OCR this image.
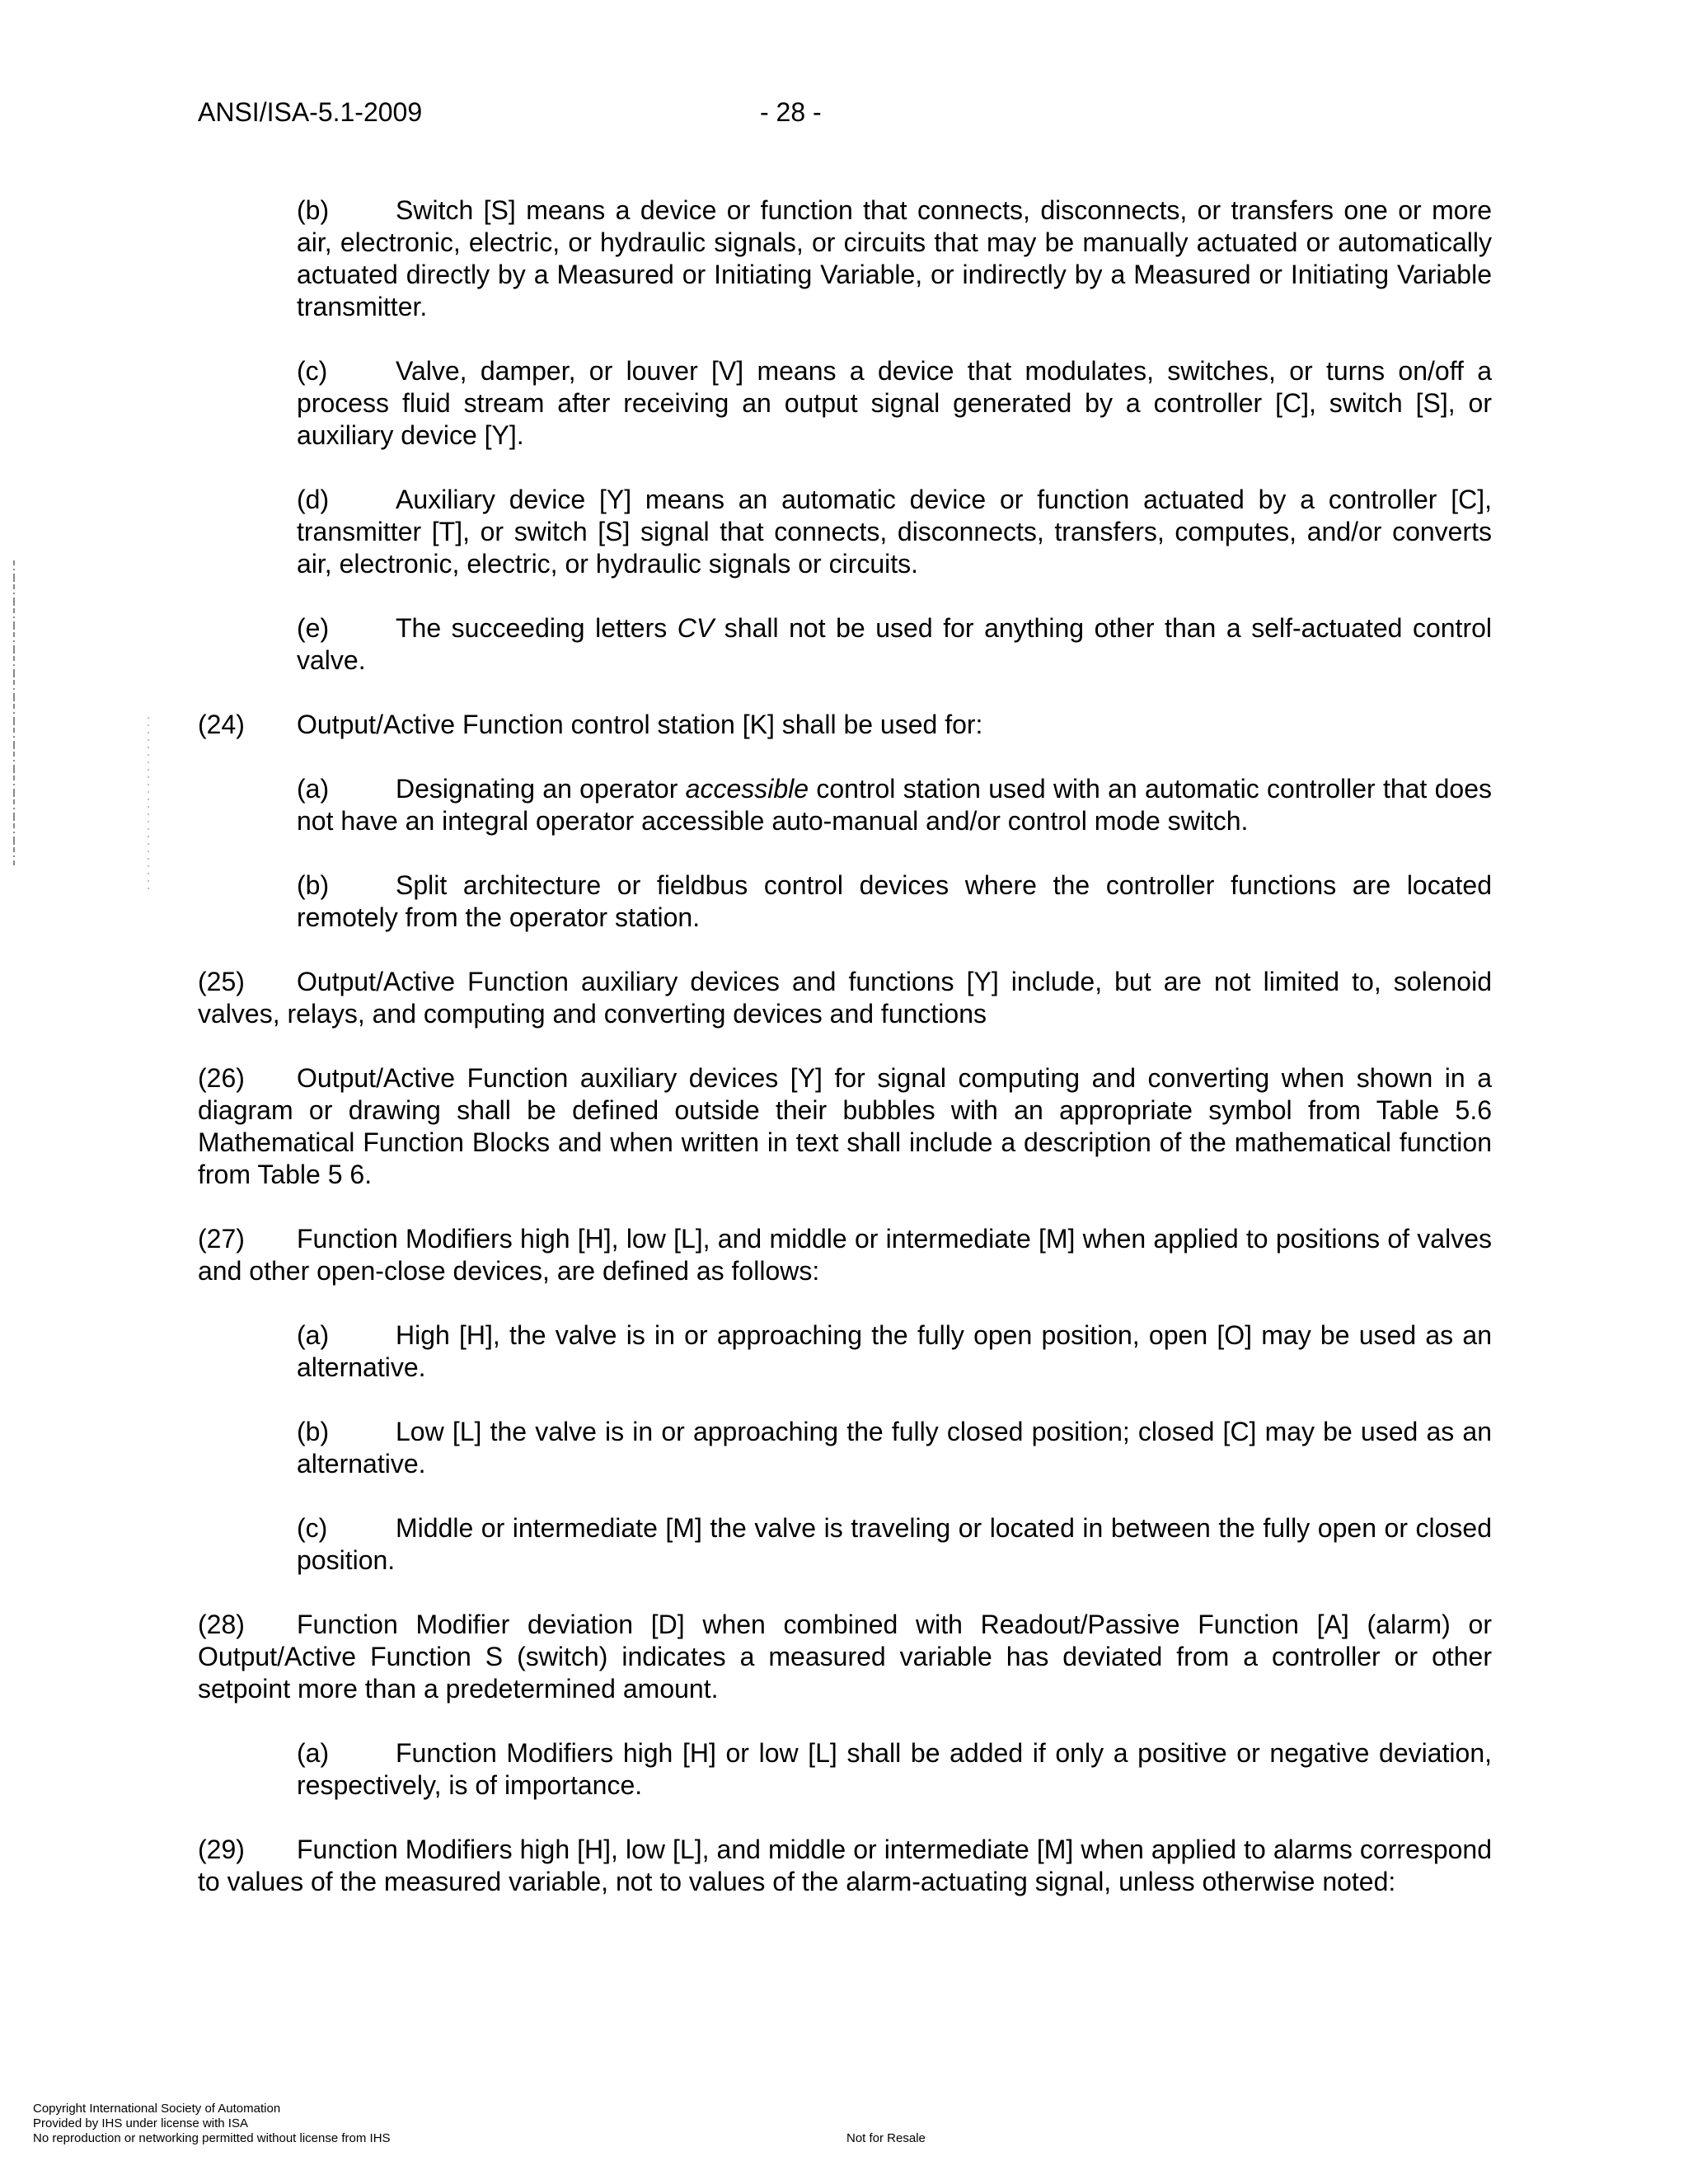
ANSI/ISA-5.1-2009	- 28 -

(b)	Switch [S] means a device or function that connects, disconnects, or transfers one or more air, electronic, electric, or hydraulic signals, or circuits that may be manually actuated or automatically actuated directly by a Measured or Initiating Variable, or indirectly by a Measured or Initiating Variable transmitter.

(c)	Valve, damper, or louver [V] means a device that modulates, switches, or turns on/off a process fluid stream after receiving an output signal generated by a controller [C], switch [S], or auxiliary device [Y].

(d)	Auxiliary device [Y] means an automatic device or function actuated by a controller [C], transmitter [T], or switch [S] signal that connects, disconnects, transfers, computes, and/or converts air, electronic, electric, or hydraulic signals or circuits.

(e)	The succeeding letters CV shall not be used for anything other than a self-actuated control valve.

(24) Output/Active Function control station [K] shall be used for:

(a)	Designating an operator accessible control station used with an automatic controller that does not have an integral operator accessible auto-manual and/or control mode switch.

(b)	Split architecture or fieldbus control devices where the controller functions are located remotely from the operator station.

(25) Output/Active Function auxiliary devices and functions [Y] include, but are not limited to, solenoid valves, relays, and computing and converting devices and functions

(26) Output/Active Function auxiliary devices [Y] for signal computing and converting when shown in a diagram or drawing shall be defined outside their bubbles with an appropriate symbol from Table 5.6 Mathematical Function Blocks and when written in text shall include a description of the mathematical function from Table 5 6.

(27) Function Modifiers high [H], low [L], and middle or intermediate [M] when applied to positions of valves and other open-close devices, are defined as follows:

(a)	High [H], the valve is in or approaching the fully open position, open [O] may be used as an alternative.

(b)	Low [L] the valve is in or approaching the fully closed position; closed [C] may be used as an alternative.

(c)	Middle or intermediate [M] the valve is traveling or located in between the fully open or closed position.

(28) Function Modifier deviation [D] when combined with Readout/Passive Function [A] (alarm) or Output/Active Function S (switch) indicates a measured variable has deviated from a controller or other setpoint more than a predetermined amount.

(a)	Function Modifiers high [H] or low [L] shall be added if only a positive or negative deviation, respectively, is of importance.

(29) Function Modifiers high [H], low [L], and middle or intermediate [M] when applied to alarms correspond to values of the measured variable, not to values of the alarm-actuating signal, unless otherwise noted:

Copyright International Society of Automation
Provided by IHS under license with ISA
No reproduction or networking permitted without license from IHS	Not for Resale
